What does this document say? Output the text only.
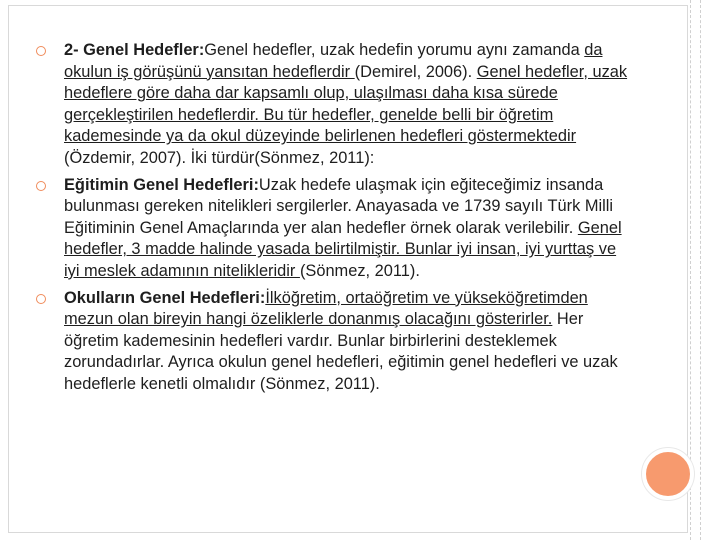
2- Genel Hedefler:Genel hedefler, uzak hedefin yorumu aynı zamanda da okulun iş görüşünü yansıtan hedeflerdir (Demirel, 2006). Genel hedefler, uzak hedeflere göre daha dar kapsamlı olup, ulaşılması daha kısa sürede gerçekleştirilen hedeflerdir. Bu tür hedefler, genelde belli bir öğretim kademesinde ya da okul düzeyinde belirlenen hedefleri göstermektedir (Özdemir, 2007). İki türdür(Sönmez, 2011):
Eğitimin Genel Hedefleri:Uzak hedefe ulaşmak için eğiteceğimiz insanda bulunması gereken nitelikleri sergilerler. Anayasada ve 1739 sayılı Türk Milli Eğitiminin Genel Amaçlarında yer alan hedefler örnek olarak verilebilir. Genel hedefler, 3 madde halinde yasada belirtilmiştir. Bunlar iyi insan, iyi yurttaş ve iyi meslek adamının nitelikleridir (Sönmez, 2011).
Okulların Genel Hedefleri:İlköğretim, ortaöğretim ve yükseköğretimden mezun olan bireyin hangi özeliklerle donanmış olacağını gösterirler. Her öğretim kademesinin hedefleri vardır. Bunlar birbirlerini desteklemek zorundadırlar. Ayrıca okulun genel hedefleri, eğitimin genel hedefleri ve uzak hedeflerle kenetli olmalıdır (Sönmez, 2011).
